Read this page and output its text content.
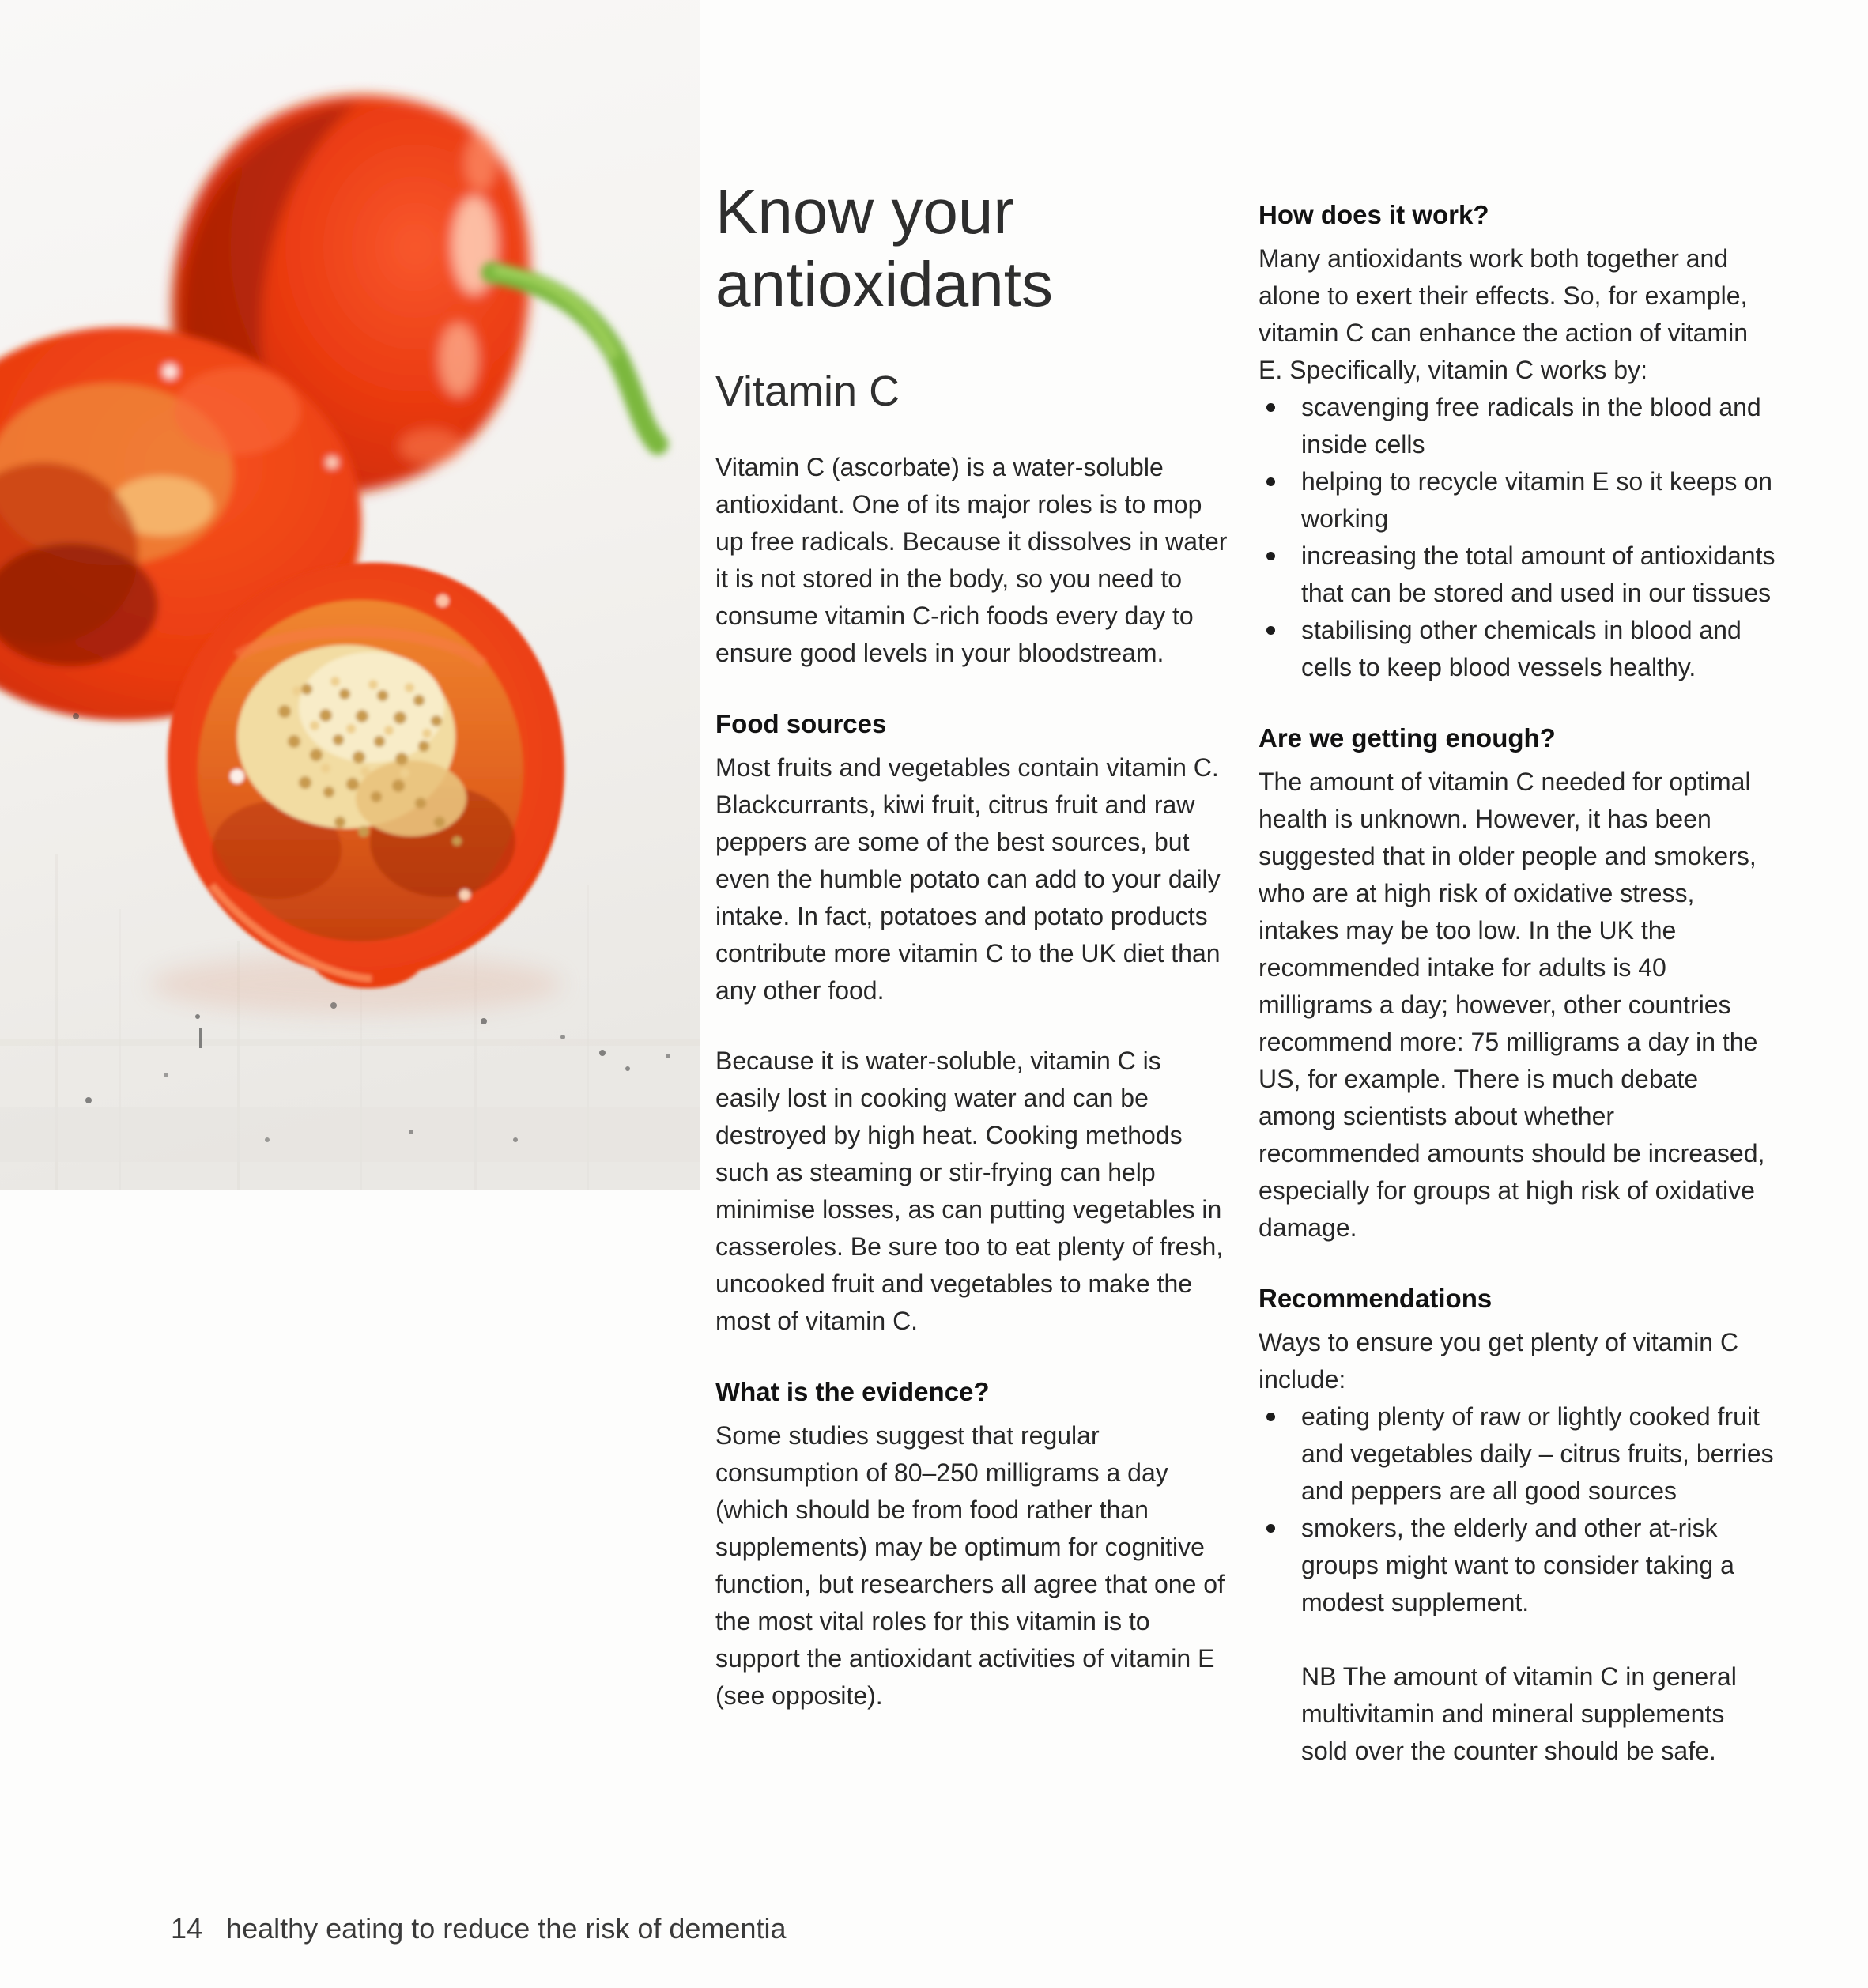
Know your antioxidants
Vitamin C

Vitamin C (ascorbate) is a water-soluble antioxidant. One of its major roles is to mop up free radicals. Because it dissolves in water it is not stored in the body, so you need to consume vitamin C-rich foods every day to ensure good levels in your bloodstream.

Food sources

Most fruits and vegetables contain vitamin C. Blackcurrants, kiwi fruit, citrus fruit and raw peppers are some of the best sources, but even the humble potato can add to your daily intake. In fact, potatoes and potato products contribute more vitamin C to the UK diet than any other food.

Because it is water-soluble, vitamin C is easily lost in cooking water and can be destroyed by high heat. Cooking methods such as steaming or stir-frying can help minimise losses, as can putting vegetables in casseroles. Be sure too to eat plenty of fresh, uncooked fruit and vegetables to make the most of vitamin C.

What is the evidence?

Some studies suggest that regular consumption of 80–250 milligrams a day (which should be from food rather than supplements) may be optimum for cognitive function, but researchers all agree that one of the most vital roles for this vitamin is to support the antioxidant activities of vitamin E (see opposite).

How does it work?

Many antioxidants work both together and alone to exert their effects. So, for example, vitamin C can enhance the action of vitamin E. Specifically, vitamin C works by:

scavenging free radicals in the blood and inside cells
helping to recycle vitamin E so it keeps on working
increasing the total amount of antioxidants that can be stored and used in our tissues
stabilising other chemicals in blood and cells to keep blood vessels healthy.
Are we getting enough?

The amount of vitamin C needed for optimal health is unknown. However, it has been suggested that in older people and smokers, who are at high risk of oxidative stress, intakes may be too low. In the UK the recommended intake for adults is 40 milligrams a day; however, other countries recommend more: 75 milligrams a day in the US, for example. There is much debate among scientists about whether recommended amounts should be increased, especially for groups at high risk of oxidative damage.

Recommendations

Ways to ensure you get plenty of vitamin C include:

eating plenty of raw or lightly cooked fruit and vegetables daily – citrus fruits, berries and peppers are all good sources
smokers, the elderly and other at-risk groups might want to consider taking a modest supplement.

NB The amount of vitamin C in general multivitamin and mineral supplements sold over the counter should be safe.

14 healthy eating to reduce the risk of dementia
